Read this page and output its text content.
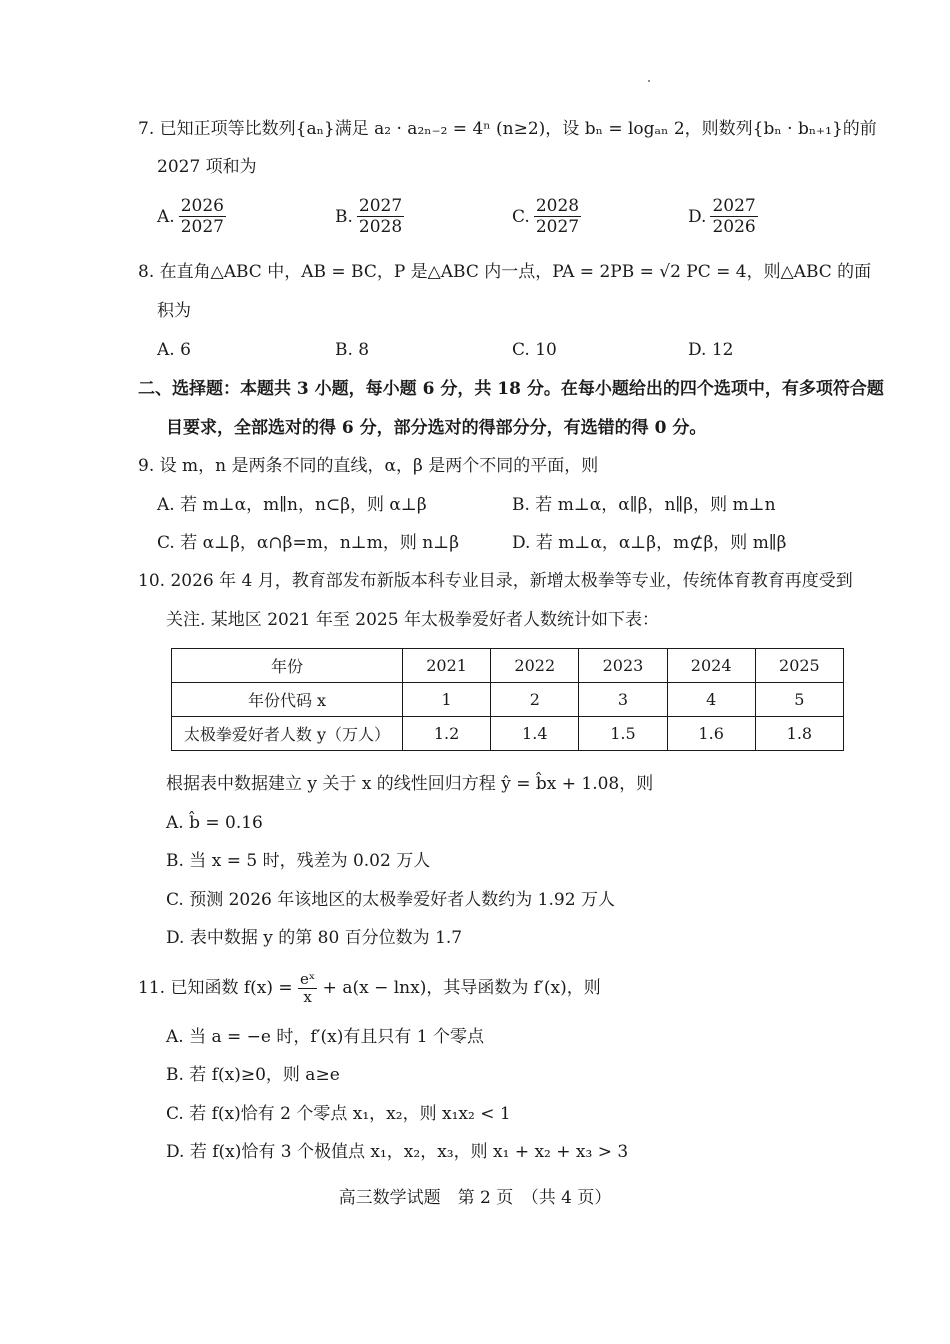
7. 已知正项等比数列{aₙ}满足 a₂ · a₂ₙ₋₂ = 4ⁿ (n≥2)，设 bₙ = logₐₙ 2，则数列{bₙ · bₙ₊₁}的前
2027 项和为
A. $\frac{2026}{2027}$	B. $\frac{2027}{2028}$	C. $\frac{2028}{2027}$	D. $\frac{2027}{2026}$
8. 在直角△ABC 中，AB = BC，P 是△ABC 内一点，PA = 2PB = √2 PC = 4，则△ABC 的面
积为
A. 6	B. 8	C. 10	D. 12
二、选择题：本题共 3 小题，每小题 6 分，共 18 分。在每小题给出的四个选项中，有多项符合题
目要求，全部选对的得 6 分，部分选对的得部分分，有选错的得 0 分。
9. 设 m，n 是两条不同的直线，α，β 是两个不同的平面，则
A. 若 m⊥α，m∥n，n⊂β，则 α⊥β	B. 若 m⊥α，α∥β，n∥β，则 m⊥n
C. 若 α⊥β，α∩β=m，n⊥m，则 n⊥β	D. 若 m⊥α，α⊥β，m⊄β，则 m∥β
10. 2026 年 4 月，教育部发布新版本科专业目录，新增太极拳等专业，传统体育教育再度受到
关注. 某地区 2021 年至 2025 年太极拳爱好者人数统计如下表：
年份	2021	2022	2023	2024	2025
年份代码 x	1	2	3	4	5
太极拳爱好者人数 y（万人）	1.2	1.4	1.5	1.6	1.8
根据表中数据建立 y 关于 x 的线性回归方程 ŷ = b̂x + 1.08，则
A. b̂ = 0.16
B. 当 x = 5 时，残差为 0.02 万人
C. 预测 2026 年该地区的太极拳爱好者人数约为 1.92 万人
D. 表中数据 y 的第 80 百分位数为 1.7
11. 已知函数 $f(x) = \frac{\text{eˣ}}{x} + a(x - \ln x)$，其导函数为 f′(x)，则
A. 当 a = −e 时，f′(x)有且只有 1 个零点
B. 若 f(x)≥0，则 a≥e
C. 若 f(x)恰有 2 个零点 x₁，x₂，则 x₁x₂ < 1
D. 若 f(x)恰有 3 个极值点 x₁，x₂，x₃，则 x₁ + x₂ + x₃ > 3
高三数学试题　第 2 页　（共 4 页）
